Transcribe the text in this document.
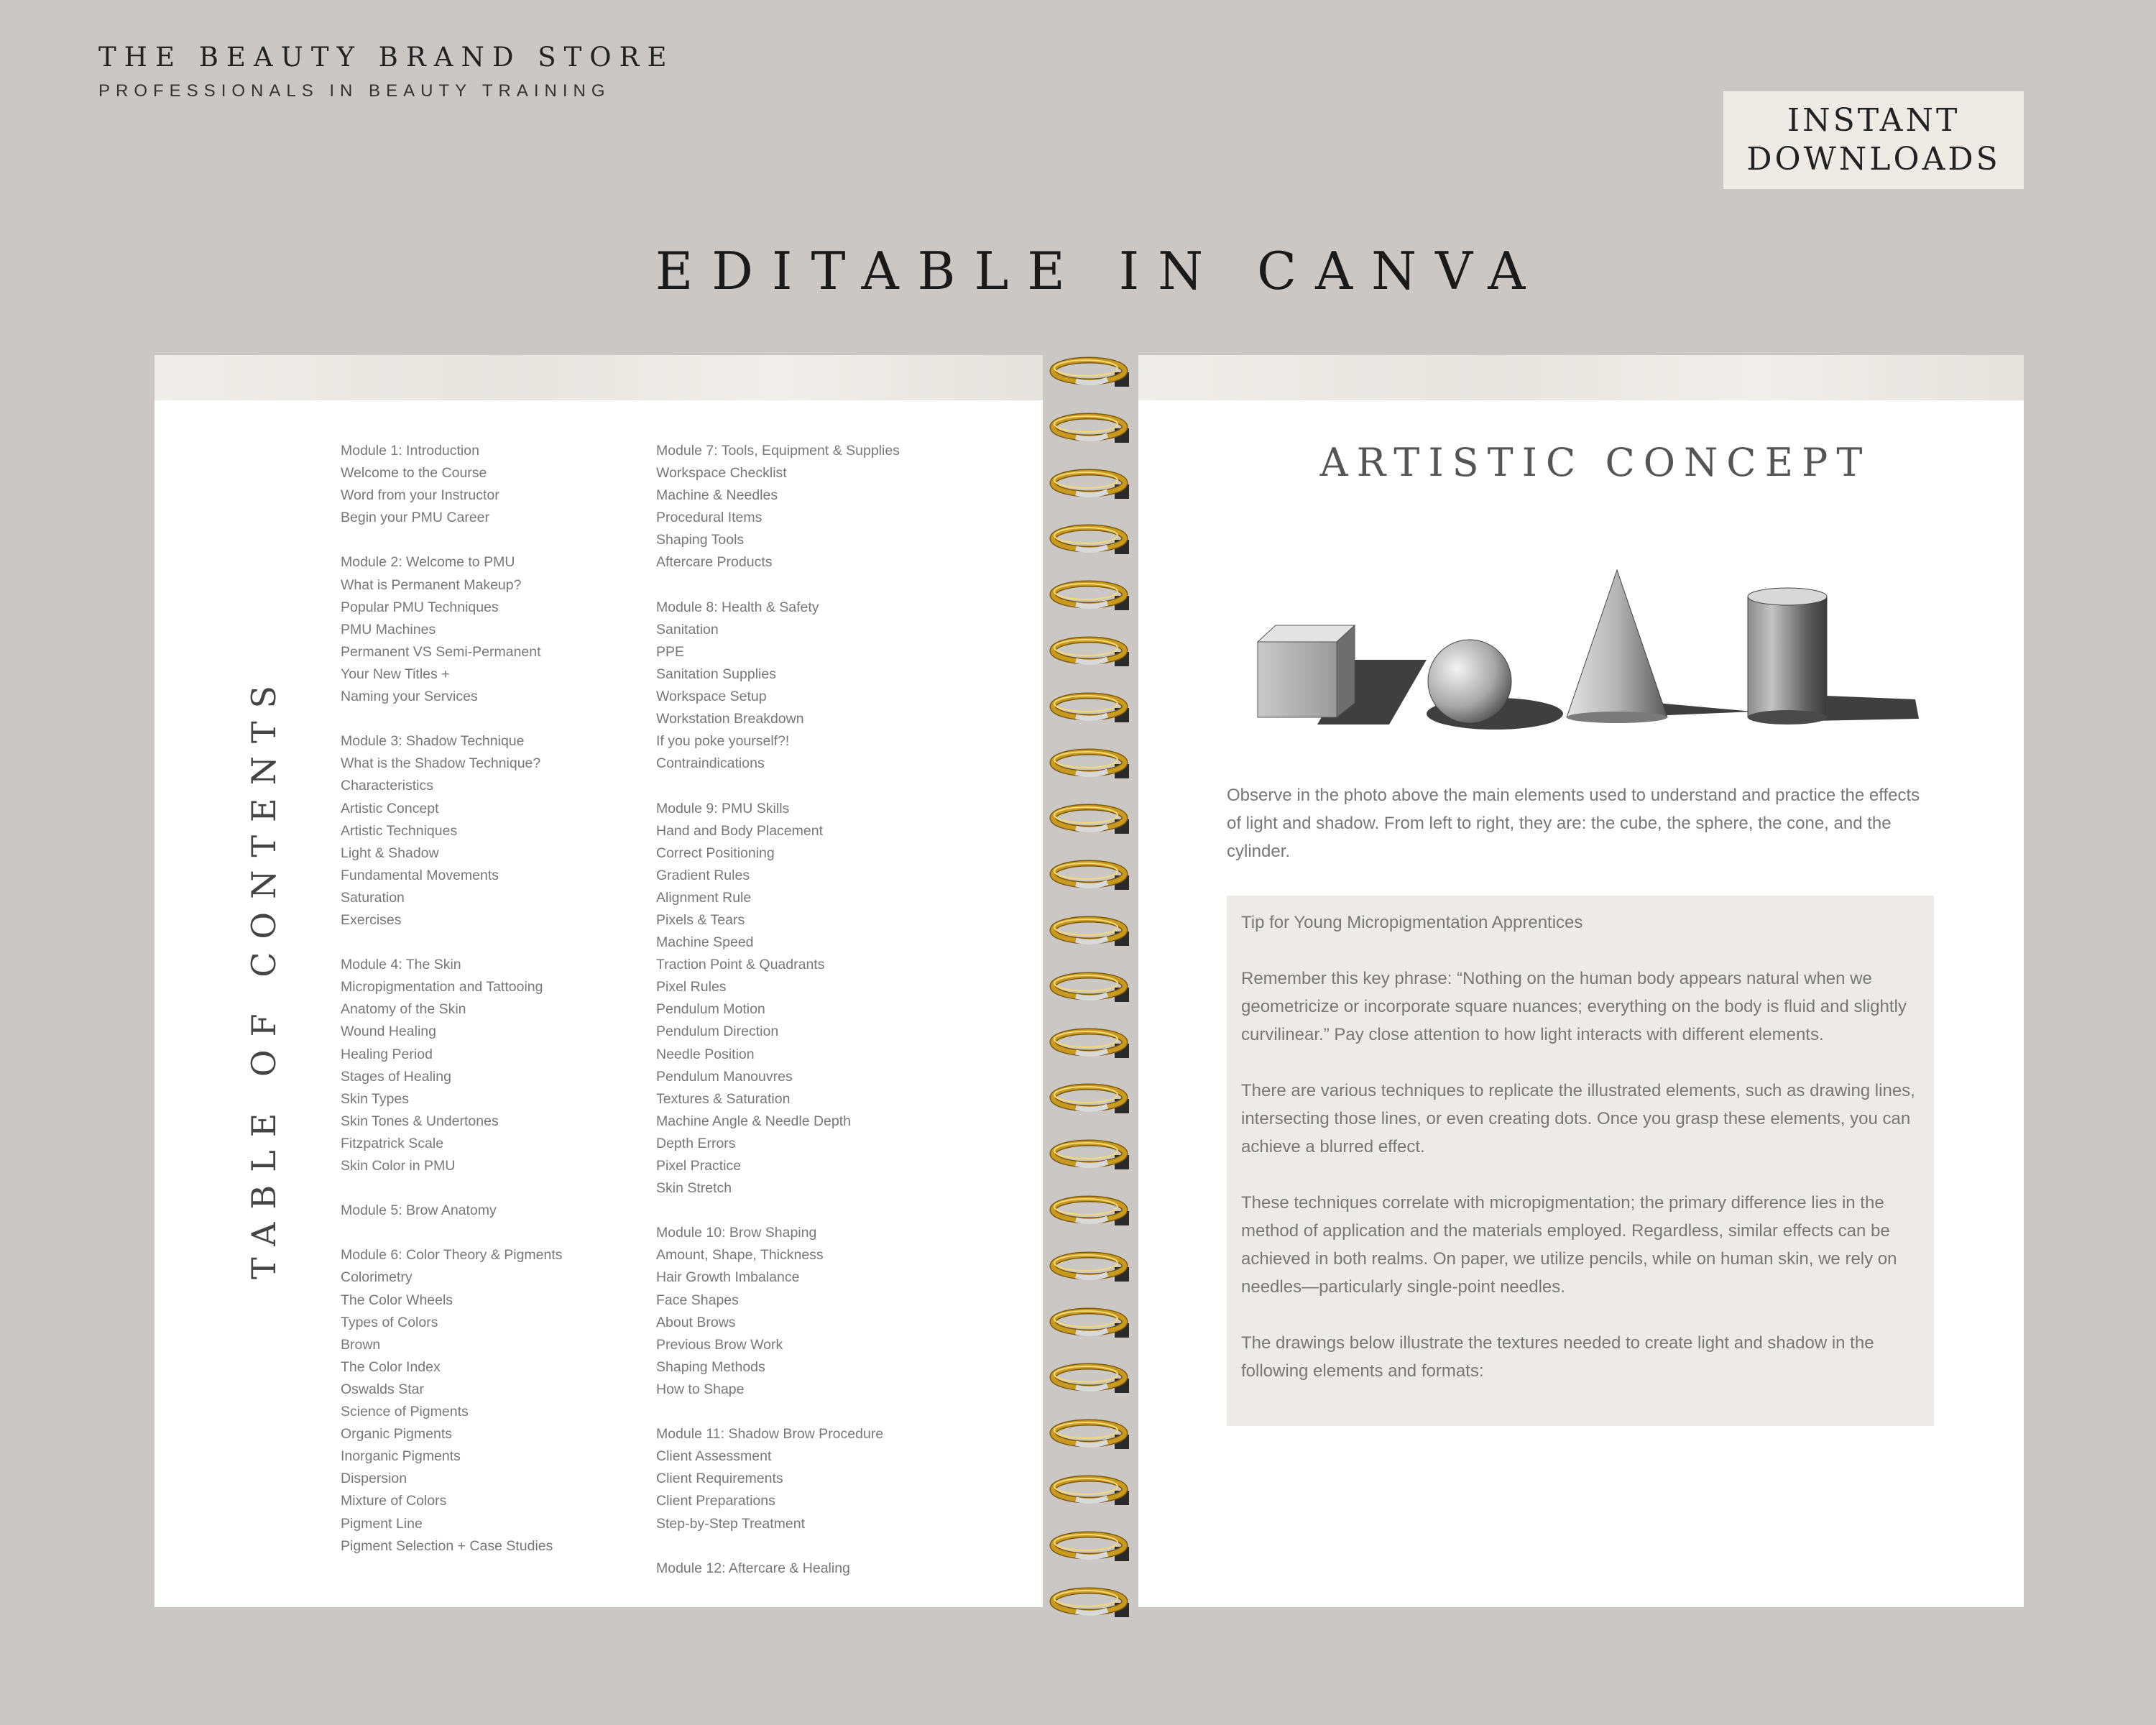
THE BEAUTY BRAND STORE
PROFESSIONALS IN BEAUTY TRAINING
INSTANT
DOWNLOADS
EDITABLE IN CANVA
TABLE OF CONTENTS
Module 1: Introduction
Welcome to the Course
Word from your Instructor
Begin your PMU Career
Module 2: Welcome to PMU
What is Permanent Makeup?
Popular PMU Techniques
PMU Machines
Permanent VS Semi-Permanent
Your New Titles +
Naming your Services
Module 3: Shadow Technique
What is the Shadow Technique?
Characteristics
Artistic Concept
Artistic Techniques
Light & Shadow
Fundamental Movements
Saturation
Exercises
Module 4: The Skin
Micropigmentation and Tattooing
Anatomy of the Skin
Wound Healing
Healing Period
Stages of Healing
Skin Types
Skin Tones & Undertones
Fitzpatrick Scale
Skin Color in PMU
Module 5: Brow Anatomy
Module 6: Color Theory & Pigments
Colorimetry
The Color Wheels
Types of Colors
Brown
The Color Index
Oswalds Star
Science of Pigments
Organic Pigments
Inorganic Pigments
Dispersion
Mixture of Colors
Pigment Line
Pigment Selection + Case Studies
Module 7: Tools, Equipment & Supplies
Workspace Checklist
Machine & Needles
Procedural Items
Shaping Tools
Aftercare Products
Module 8: Health & Safety
Sanitation
PPE
Sanitation Supplies
Workspace Setup
Workstation Breakdown
If you poke yourself?!
Contraindications
Module 9: PMU Skills
Hand and Body Placement
Correct Positioning
Gradient Rules
Alignment Rule
Pixels & Tears
Machine Speed
Traction Point & Quadrants
Pixel Rules
Pendulum Motion
Pendulum Direction
Needle Position
Pendulum Manouvres
Textures & Saturation
Machine Angle & Needle Depth
Depth Errors
Pixel Practice
Skin Stretch
Module 10: Brow Shaping
Amount, Shape, Thickness
Hair Growth Imbalance
Face Shapes
About Brows
Previous Brow Work
Shaping Methods
How to Shape
Module 11: Shadow Brow Procedure
Client Assessment
Client Requirements
Client Preparations
Step-by-Step Treatment
Module 12: Aftercare & Healing
ARTISTIC CONCEPT

Observe in the photo above the main elements used to understand and practice the effects of light and shadow. From left to right, they are: the cube, the sphere, the cone, and the cylinder.

Tip for Young Micropigmentation Apprentices

Remember this key phrase: “Nothing on the human body appears natural when we geometricize or incorporate square nuances; everything on the body is fluid and slightly curvilinear.” Pay close attention to how light interacts with different elements.

There are various techniques to replicate the illustrated elements, such as drawing lines, intersecting those lines, or even creating dots. Once you grasp these elements, you can achieve a blurred effect.

These techniques correlate with micropigmentation; the primary difference lies in the method of application and the materials employed. Regardless, similar effects can be achieved in both realms. On paper, we utilize pencils, while on human skin, we rely on needles—particularly single-point needles.

The drawings below illustrate the textures needed to create light and shadow in the following elements and formats:
